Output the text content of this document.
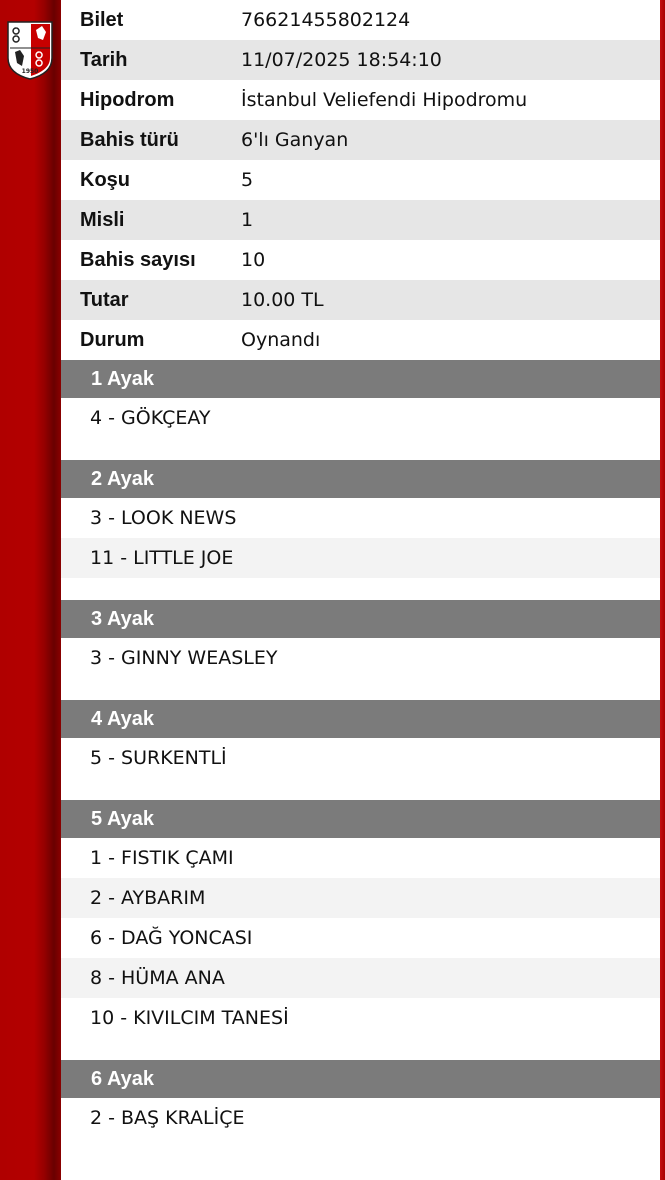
1950
Bilet	76621455802124
Tarih	11/07/2025 18:54:10
Hipodrom	İstanbul Veliefendi Hipodromu
Bahis türü	6'lı Ganyan
Koşu	5
Misli	1
Bahis sayısı	10
Tutar	10.00 TL
Durum	Oynandı
1 Ayak
4 - GÖKÇEAY
2 Ayak
3 - LOOK NEWS
11 - LITTLE JOE
3 Ayak
3 - GINNY WEASLEY
4 Ayak
5 - SURKENTLİ
5 Ayak
1 - FISTIK ÇAMI
2 - AYBARIM
6 - DAĞ YONCASI
8 - HÜMA ANA
10 - KIVILCIM TANESİ
6 Ayak
2 - BAŞ KRALİÇE
